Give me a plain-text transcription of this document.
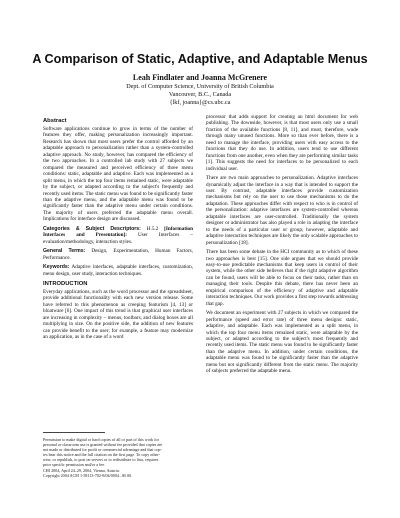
A Comparison of Static, Adaptive, and Adaptable Menus
Leah Findlater and Joanna McGrenere
Dept. of Computer Science, University of British Columbia
Vancouver, B.C., Canada
{lkf, joanna}@cs.ubc.ca
Abstract

Software applications continue to grow in terms of the number of features they offer, making personalization increasingly important. Research has shown that most users prefer the control afforded by an adaptable approach to personalization rather than a system-controlled adaptive approach. No study, however, has compared the efficiency of the two approaches. In a controlled lab study with 27 subjects we compared the measured and perceived efficiency of three menu conditions: static, adaptable and adaptive. Each was implemented as a split menu, in which the top four items remained static, were adaptable by the subject, or adapted according to the subject's frequently and recently used items. The static menu was found to be significantly faster than the adaptive menu, and the adaptable menu was found to be significantly faster than the adaptive menu under certain conditions. The majority of users preferred the adaptable menu overall. Implications for interface design are discussed.

Categories & Subject Descriptors: H.5.2 [Information Interfaces and Presentation]: User Interfaces – evaluation/methodology, interaction styles.

General Terms: Design, Experimentation, Human Factors, Performance.

Keywords: Adaptive interfaces, adaptable interfaces, customization, menu design, user study, interaction techniques.

INTRODUCTION

Everyday applications, such as the word processor and the spreadsheet, provide additional functionality with each new version release. Some have referred to this phenomenon as creeping featurism [4, 13] or bloatware [6]. One impact of this trend is that graphical user interfaces are increasing in complexity – menus, toolbars, and dialog boxes are all multiplying in size. On the positive side, the addition of new features can provide benefit to the user; for example, a feature may modernize an application, as in the case of a word

processor that adds support for creating an html document for web publishing. The downside, however, is that most users only use a small fraction of the available functions [8, 11], and must, therefore, wade through many unused functions. More so than ever before, there is a need to manage the interface, providing users with easy access to the functions that they do use. In addition, users tend to use different functions from one another, even when they are performing similar tasks [1]. This suggests the need for interfaces to be personalized to each individual user.

There are two main approaches to personalization. Adaptive interfaces dynamically adjust the interface in a way that is intended to support the user. By contrast, adaptable interfaces provide customization mechanisms but rely on the user to use those mechanisms to do the adaptation. These approaches differ with respect to who is in control of the personalization: adaptive interfaces are system-controlled whereas adaptable interfaces are user-controlled. Traditionally the system designer or administrator has also played a role in adapting the interface to the needs of a particular user or group; however, adaptable and adaptive interaction techniques are likely the only scalable approaches to personalization [18].

There has been some debate in the HCI community as to which of these two approaches is best [15]. One side argues that we should provide easy-to-use predictable mechanisms that keep users in control of their system, while the other side believes that if the right adaptive algorithm can be found, users will be able to focus on their tasks, rather than on managing their tools. Despite this debate, there has never been an empirical comparison of the efficiency of adaptive and adaptable interaction techniques. Our work provides a first step towards addressing that gap.

We document an experiment with 27 subjects in which we compared the performance (speed and error rate) of three menu designs: static, adaptive, and adaptable. Each was implemented as a split menu, in which the top four menu items remained static, were adaptable by the subject, or adapted according to the subject's most frequently and recently used items. The static menu was found to be significantly faster than the adaptive menu. In addition, under certain conditions, the adaptable menu was found to be significantly faster than the adaptive menu but not significantly different from the static menu. The majority of subjects preferred the adaptable menu.

Permission to make digital or hard copies of all or part of this work for
personal or classroom use is granted without fee provided that copies are
not made or distributed for profit or commercial advantage and that cop-
ies bear this notice and the full citation on the first page. To copy other-
wise, or republish, to post on servers or to redistribute to lists, requires
prior specific permission and/or a fee.
CHI 2004, April 24–29, 2004, Vienna, Austria.
Copyright 2004 ACM 1-58113-702-8/04/0004...$5.00.
